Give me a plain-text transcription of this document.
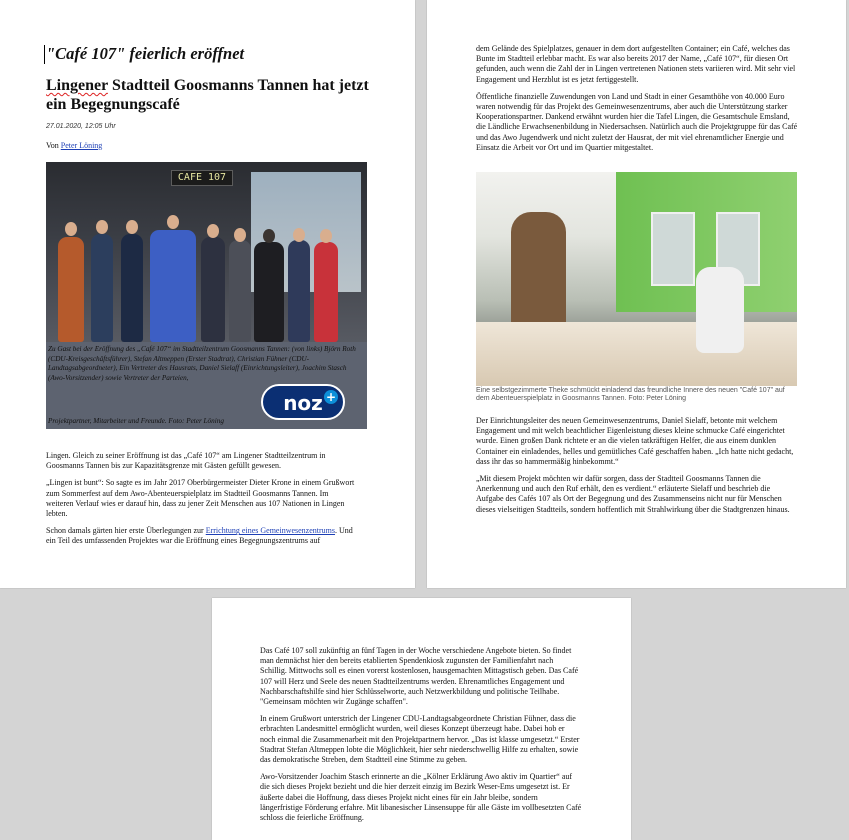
"Café 107" feierlich eröffnet
Lingener Stadtteil Goosmanns Tannen hat jetzt ein Begegnungscafé
27.01.2020, 12:05 Uhr
Von Peter Löning
CAFE 107
Zu Gast bei der Eröffnung des „Café 107“ im Stadtteilzentrum Goosmanns Tannen: (von links) Björn Roth (CDU-Kreisgeschäftsführer), Stefan Altmeppen (Erster Stadtrat), Christian Fühner (CDU-Landtagsabgeordneter), Ein Vertreter des Hausrats, Daniel Sielaff (Einrichtungsleiter), Joachim Stasch (Awo-Vorsitzender) sowie Vertreter der Parteien,
noz +
Projektpartner, Mitarbeiter und Freunde. Foto: Peter Löning

Lingen. Gleich zu seiner Eröffnung ist das „Café 107“ am Lingener Stadtteilzentrum in Goosmanns Tannen bis zur Kapazitätsgrenze mit Gästen gefüllt gewesen.

„Lingen ist bunt“: So sagte es im Jahr 2017 Oberbürgermeister Dieter Krone in einem Grußwort zum Sommerfest auf dem Awo-Abenteuerspielplatz im Stadtteil Goosmanns Tannen. Im weiteren Verlauf wies er darauf hin, dass zu jener Zeit Menschen aus 107 Nationen in Lingen lebten.

Schon damals gärten hier erste Überlegungen zur Errichtung eines Gemeinwesenzentrums. Und ein Teil des umfassenden Projektes war die Eröffnung eines Begegnungszentrums auf

dem Gelände des Spielplatzes, genauer in dem dort aufgestellten Container; ein Café, welches das Bunte im Stadtteil erlebbar macht. Es war also bereits 2017 der Name, „Café 107“, für diesen Ort gefunden, auch wenn die Zahl der in Lingen vertretenen Nationen stets variieren wird. Mit sehr viel Engagement und Herzblut ist es jetzt fertiggestellt.

Öffentliche finanzielle Zuwendungen von Land und Stadt in einer Gesamthöhe von 40.000 Euro waren notwendig für das Projekt des Gemeinwesenzentrums, aber auch die Unterstützung starker Kooperationspartner. Dankend erwähnt wurden hier die Tafel Lingen, die Gesamtschule Emsland, die Ländliche Erwachsenenbildung in Niedersachsen. Natürlich auch die Projektgruppe für das Café und das Awo Jugendwerk und nicht zuletzt der Hausrat, der mit viel ehrenamtlicher Energie und Einsatz die Arbeit vor Ort und im Quartier mitgestaltet.

Eine selbstgezimmerte Theke schmückt einladend das freundliche Innere des neuen "Café 107" auf dem Abenteuerspielplatz in Goosmanns Tannen. Foto: Peter Löning

Der Einrichtungsleiter des neuen Gemeinwesenzentrums, Daniel Sielaff, betonte mit welchem Engagement und mit welch beachtlicher Eigenleistung dieses kleine schmucke Café eingerichtet wurde. Einen großen Dank richtete er an die vielen tatkräftigen Helfer, die aus einem dunklen Container ein einladendes, helles und gemütliches Café geschaffen haben. „Ich hatte nicht gedacht, dass ihr das so hammermäßig hinbekommt.“

„Mit diesem Projekt möchten wir dafür sorgen, dass der Stadtteil Goosmanns Tannen die Anerkennung und auch den Ruf erhält, den es verdient.“ erläuterte Sielaff und beschrieb die Aufgabe des Cafés 107 als Ort der Begegnung und des Zusammenseins nicht nur für Menschen dieses vielseitigen Stadtteils, sondern hoffentlich mit Strahlwirkung über die Stadtgrenzen hinaus.

Das Café 107 soll zukünftig an fünf Tagen in der Woche verschiedene Angebote bieten. So findet man demnächst hier den bereits etablierten Spendenkiosk zugunsten der Familienfahrt nach Schillig. Mittwochs soll es einen vorerst kostenlosen, hausgemachten Mittagstisch geben. Das Café 107 will Herz und Seele des neuen Stadtteilzentrums werden. Ehrenamtliches Engagement und Nachbarschaftshilfe sind hier Schlüsselworte, auch Netzwerkbildung und politische Teilhabe. "Gemeinsam möchten wir Zugänge schaffen".

In einem Grußwort unterstrich der Lingener CDU-Landtagsabgeordnete Christian Fühner, dass die erbrachten Landesmittel ermöglicht wurden, weil dieses Konzept überzeugt habe. Dabei hob er noch einmal die Zusammenarbeit mit den Projektpartnern hervor. „Das ist klasse umgesetzt.“ Erster Stadtrat Stefan Altmeppen lobte die Möglichkeit, hier sehr niederschwellig Hilfe zu erhalten, sowie das demokratische Streben, dem Stadtteil eine Stimme zu geben.

Awo-Vorsitzender Joachim Stasch erinnerte an die „Kölner Erklärung Awo aktiv im Quartier“ auf die sich dieses Projekt bezieht und die hier derzeit einzig im Bezirk Weser-Ems umgesetzt ist. Er äußerte dabei die Hoffnung, dass dieses Projekt nicht eines für ein Jahr bleibe, sondern längerfristige Förderung erfahre. Mit libanesischer Linsensuppe für alle Gäste im vollbesetzten Café schloss die feierliche Eröffnung.
